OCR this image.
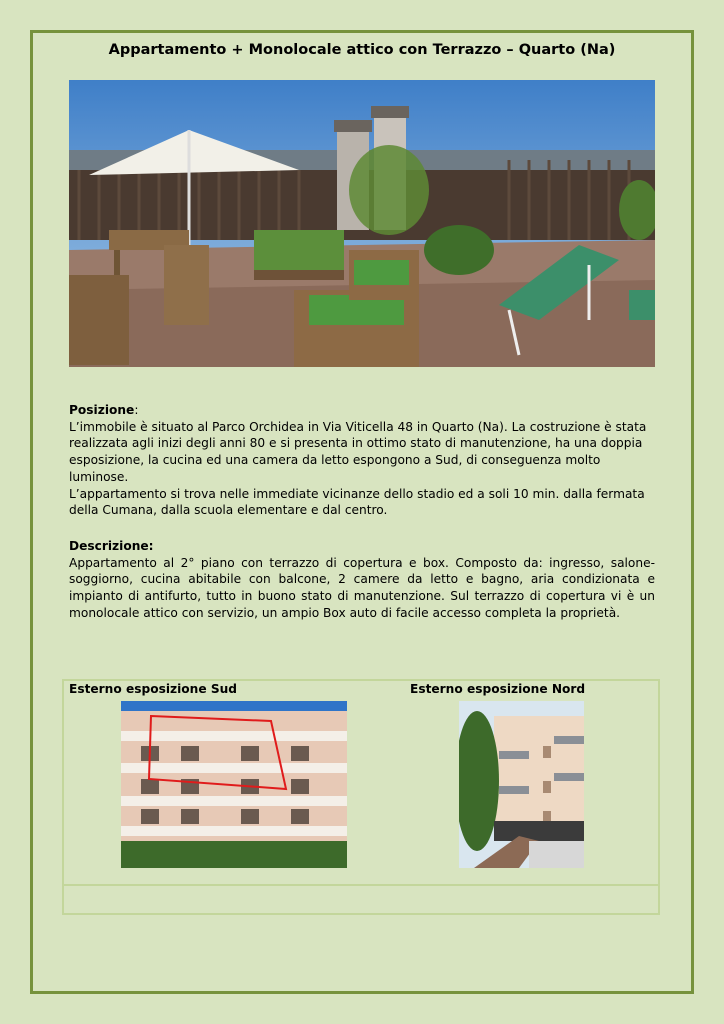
Appartamento + Monolocale attico con Terrazzo – Quarto (Na)
Posizione:
L’immobile è situato al Parco Orchidea in Via Viticella 48 in Quarto (Na). La costruzione è stata
realizzata agli inizi degli anni 80 e si presenta in ottimo stato di manutenzione, ha una doppia
esposizione, la cucina ed una camera da letto espongono a Sud, di conseguenza molto
luminose.
L’appartamento si trova nelle immediate vicinanze dello stadio ed a soli 10 min. dalla fermata
della Cumana, dalla scuola elementare e dal centro.
Descrizione:
Appartamento al 2° piano con terrazzo di copertura e box. Composto da: ingresso, salone-soggiorno, cucina abitabile con balcone, 2 camere da letto e bagno, aria condizionata e impianto di antifurto, tutto in buono stato di manutenzione. Sul terrazzo di copertura vi è un monolocale attico con servizio, un ampio Box auto di facile accesso completa la proprietà.
Esterno esposizione Sud	Esterno esposizione Nord
